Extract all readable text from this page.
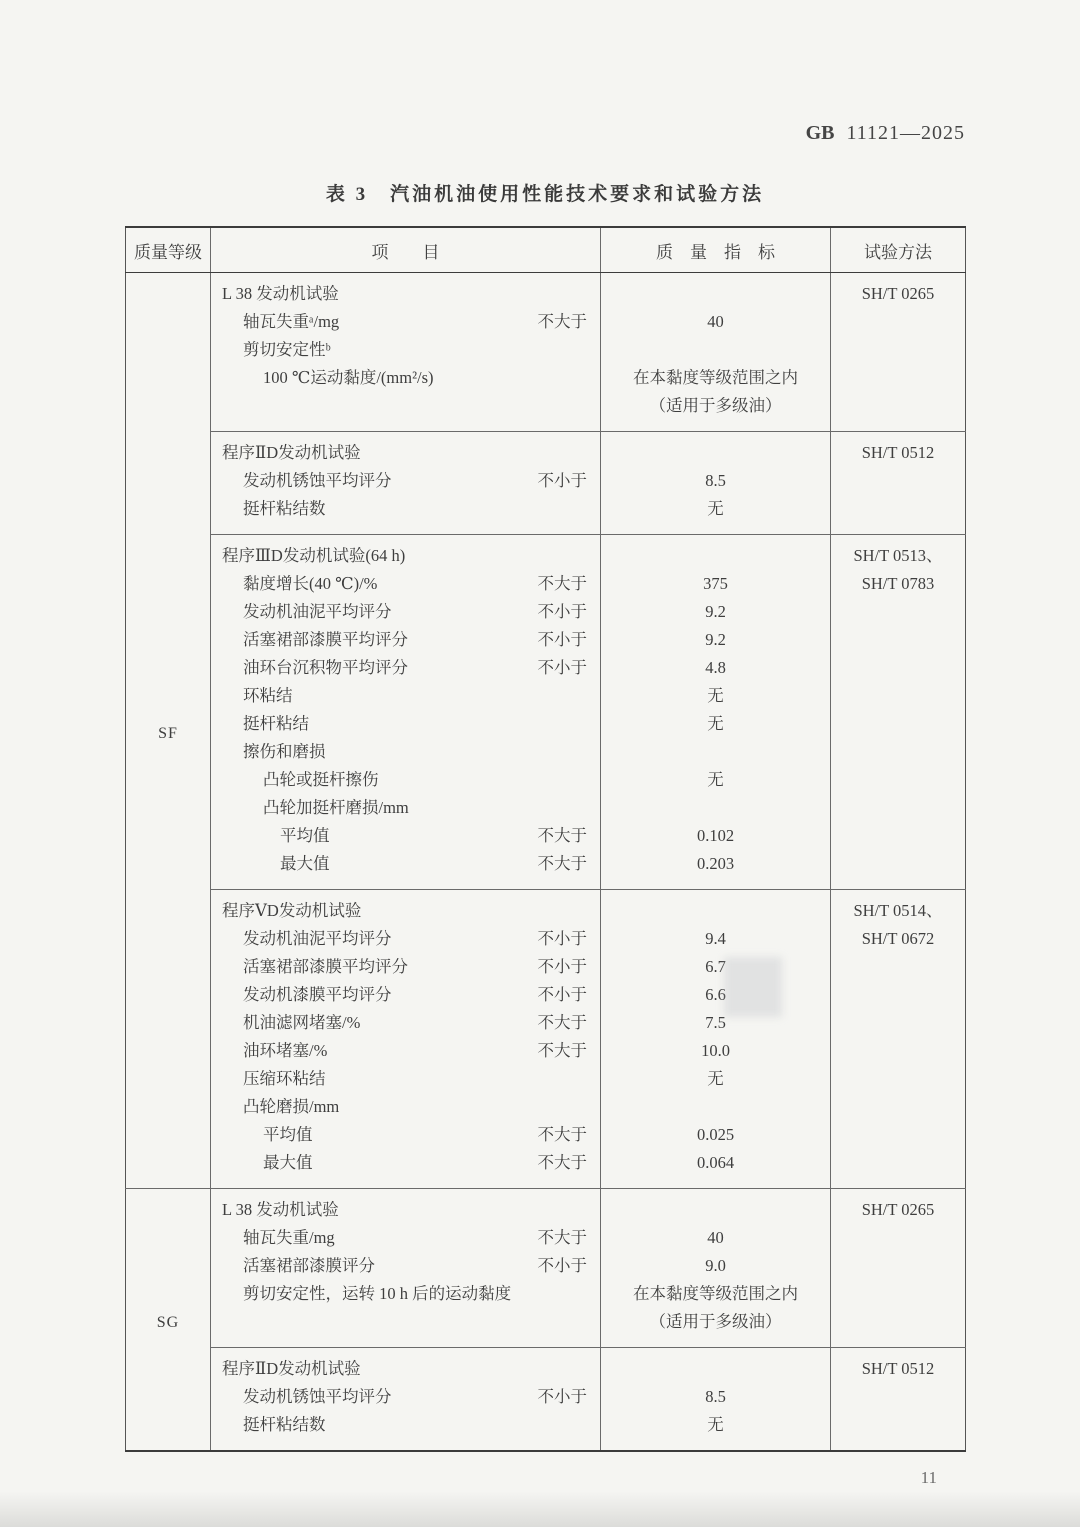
GB 11121—2025
表 3　汽油机油使用性能技术要求和试验方法
质量等级	项　　目	质　量　指　标	试验方法
SF	L 38 发动机试验		SH/T 0265

	轴瓦失重ᵃ/mg 不大于	40	

	剪切安定性ᵇ		

	100 ℃运动黏度/(mm²/s)	在本黏度等级范围之内	

		（适用于多级油）	

	程序ⅡD发动机试验		SH/T 0512

	发动机锈蚀平均评分 不小于	8.5	

	挺杆粘结数	无	

	程序ⅢD发动机试验(64 h)		SH/T 0513、

	黏度增长(40 ℃)/% 不大于	375	SH/T 0783

	发动机油泥平均评分 不小于	9.2	

	活塞裙部漆膜平均评分 不小于	9.2	

	油环台沉积物平均评分 不小于	4.8	

	环粘结	无	

	挺杆粘结	无	

	擦伤和磨损		

	凸轮或挺杆擦伤	无	

	凸轮加挺杆磨损/mm		

	平均值 不大于	0.102	

	最大值 不大于	0.203	

	程序ⅤD发动机试验		SH/T 0514、

	发动机油泥平均评分 不小于	9.4	SH/T 0672

	活塞裙部漆膜平均评分 不小于	6.7	

	发动机漆膜平均评分 不小于	6.6	

	机油滤网堵塞/% 不大于	7.5	

	油环堵塞/% 不大于	10.0	

	压缩环粘结	无	

	凸轮磨损/mm		

	平均值 不大于	0.025	

	最大值 不大于	0.064	
SG	L 38 发动机试验		SH/T 0265

	轴瓦失重/mg 不大于	40	

	活塞裙部漆膜评分 不小于	9.0	

	剪切安定性，运转 10 h 后的运动黏度	在本黏度等级范围之内	

		（适用于多级油）	

	程序ⅡD发动机试验		SH/T 0512

	发动机锈蚀平均评分 不小于	8.5	

	挺杆粘结数	无	
11
